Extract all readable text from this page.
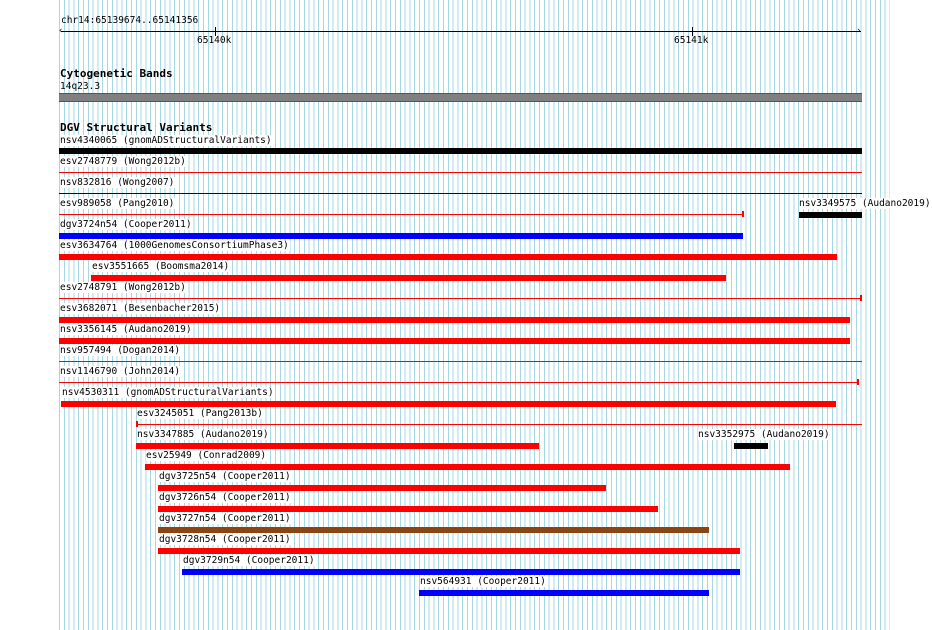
chr14:65139674..65141356
‹	›
65140k	65141k
Cytogenetic Bands
14q23.3
DGV Structural Variants
nsv4340065 (gnomADStructuralVariants)
esv2748779 (Wong2012b)
nsv832816 (Wong2007)
esv989058 (Pang2010)	nsv3349575 (Audano2019)
dgv3724n54 (Cooper2011)
esv3634764 (1000GenomesConsortiumPhase3)
esv3551665 (Boomsma2014)
esv2748791 (Wong2012b)
esv3682071 (Besenbacher2015)
nsv3356145 (Audano2019)
nsv957494 (Dogan2014)
nsv1146790 (John2014)
nsv4530311 (gnomADStructuralVariants)
esv3245051 (Pang2013b)
nsv3347885 (Audano2019)	nsv3352975 (Audano2019)
esv25949 (Conrad2009)
dgv3725n54 (Cooper2011)
dgv3726n54 (Cooper2011)
dgv3727n54 (Cooper2011)
dgv3728n54 (Cooper2011)
dgv3729n54 (Cooper2011)
nsv564931 (Cooper2011)
